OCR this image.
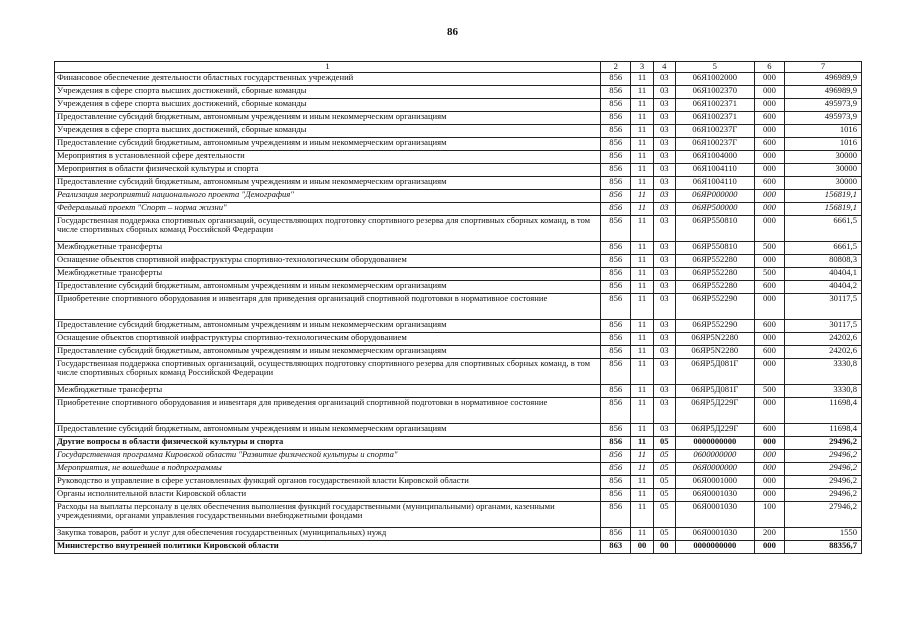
86
1	2	3	4	5	6	7
Финансовое обеспечение деятельности областных государственных учреждений	856	11	03	06Я1002000	000	496989,9
Учреждения в сфере спорта высших достижений, сборные команды	856	11	03	06Я1002370	000	496989,9
Учреждения в сфере спорта высших достижений, сборные команды	856	11	03	06Я1002371	000	495973,9
Предоставление субсидий бюджетным, автономным учреждениям и иным некоммерческим организациям	856	11	03	06Я1002371	600	495973,9
Учреждения в сфере спорта высших достижений, сборные команды	856	11	03	06Я100237Г	000	1016
Предоставление субсидий бюджетным, автономным учреждениям и иным некоммерческим организациям	856	11	03	06Я100237Г	600	1016
Мероприятия в установленной сфере деятельности	856	11	03	06Я1004000	000	30000
Мероприятия в области физической культуры и спорта	856	11	03	06Я1004110	000	30000
Предоставление субсидий бюджетным, автономным учреждениям и иным некоммерческим организациям	856	11	03	06Я1004110	600	30000
Реализация мероприятий национального проекта "Демография"	856	11	03	06ЯР000000	000	156819,1
Федеральный проект "Спорт – норма жизни"	856	11	03	06ЯР500000	000	156819,1
Государственная поддержка спортивных организаций, осуществляющих подготовку спортивного резерва для спортивных сборных команд, в том числе спортивных сборных команд Российской Федерации	856	11	03	06ЯР550810	000	6661,5
Межбюджетные трансферты	856	11	03	06ЯР550810	500	6661,5
Оснащение объектов спортивной инфраструктуры спортивно-технологическим оборудованием	856	11	03	06ЯР552280	000	80808,3
Межбюджетные трансферты	856	11	03	06ЯР552280	500	40404,1
Предоставление субсидий бюджетным, автономным учреждениям и иным некоммерческим организациям	856	11	03	06ЯР552280	600	40404,2
Приобретение спортивного оборудования и инвентаря для приведения организаций спортивной подготовки в нормативное состояние	856	11	03	06ЯР552290	000	30117,5
Предоставление субсидий бюджетным, автономным учреждениям и иным некоммерческим организациям	856	11	03	06ЯР552290	600	30117,5
Оснащение объектов спортивной инфраструктуры спортивно-технологическим оборудованием	856	11	03	06ЯР5N2280	000	24202,6
Предоставление субсидий бюджетным, автономным учреждениям и иным некоммерческим организациям	856	11	03	06ЯР5N2280	600	24202,6
Государственная поддержка спортивных организаций, осуществляющих подготовку спортивного резерва для спортивных сборных команд, в том числе спортивных сборных команд Российской Федерации	856	11	03	06ЯР5Д081Г	000	3330,8
Межбюджетные трансферты	856	11	03	06ЯР5Д081Г	500	3330,8
Приобретение спортивного оборудования и инвентаря для приведения организаций спортивной подготовки в нормативное состояние	856	11	03	06ЯР5Д229Г	000	11698,4
Предоставление субсидий бюджетным, автономным учреждениям и иным некоммерческим организациям	856	11	03	06ЯР5Д229Г	600	11698,4
Другие вопросы в области физической культуры и спорта	856	11	05	0000000000	000	29496,2
Государственная программа Кировской области "Развитие физической культуры и спорта"	856	11	05	0600000000	000	29496,2
Мероприятия, не вошедшие в подпрограммы	856	11	05	06Я0000000	000	29496,2
Руководство и управление в сфере установленных функций органов государственной власти Кировской области	856	11	05	06Я0001000	000	29496,2
Органы исполнительной власти Кировской области	856	11	05	06Я0001030	000	29496,2
Расходы на выплаты персоналу в целях обеспечения выполнения функций государственными (муниципальными) органами, казенными учреждениями, органами управления государственными внебюджетными фондами	856	11	05	06Я0001030	100	27946,2
Закупка товаров, работ и услуг для обеспечения государственных (муниципальных) нужд	856	11	05	06Я0001030	200	1550
Министерство внутренней политики Кировской области	863	00	00	0000000000	000	88356,7
